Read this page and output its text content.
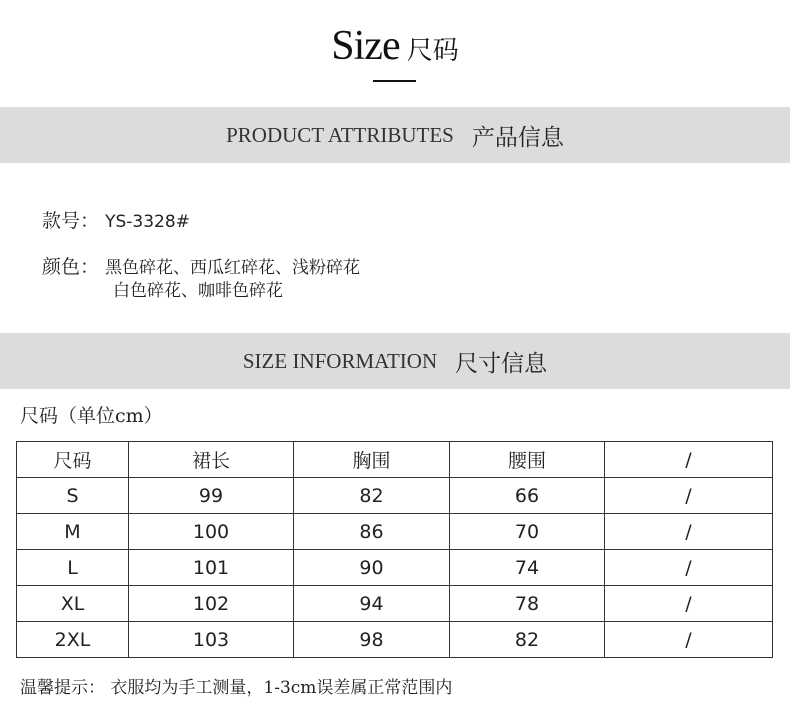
Size 尺码
PRODUCT ATTRIBUTES 产品信息
款号： YS-3328#
颜色： 黑色碎花、西瓜红碎花、浅粉碎花
白色碎花、咖啡色碎花
SIZE INFORMATION 尺寸信息
尺码（单位cm）
尺码	裙长	胸围	腰围	/
S	99	82	66	/
M	100	86	70	/
L	101	90	74	/
XL	102	94	78	/
2XL	103	98	82	/
温馨提示： 衣服均为手工测量，1-3cm误差属正常范围内
